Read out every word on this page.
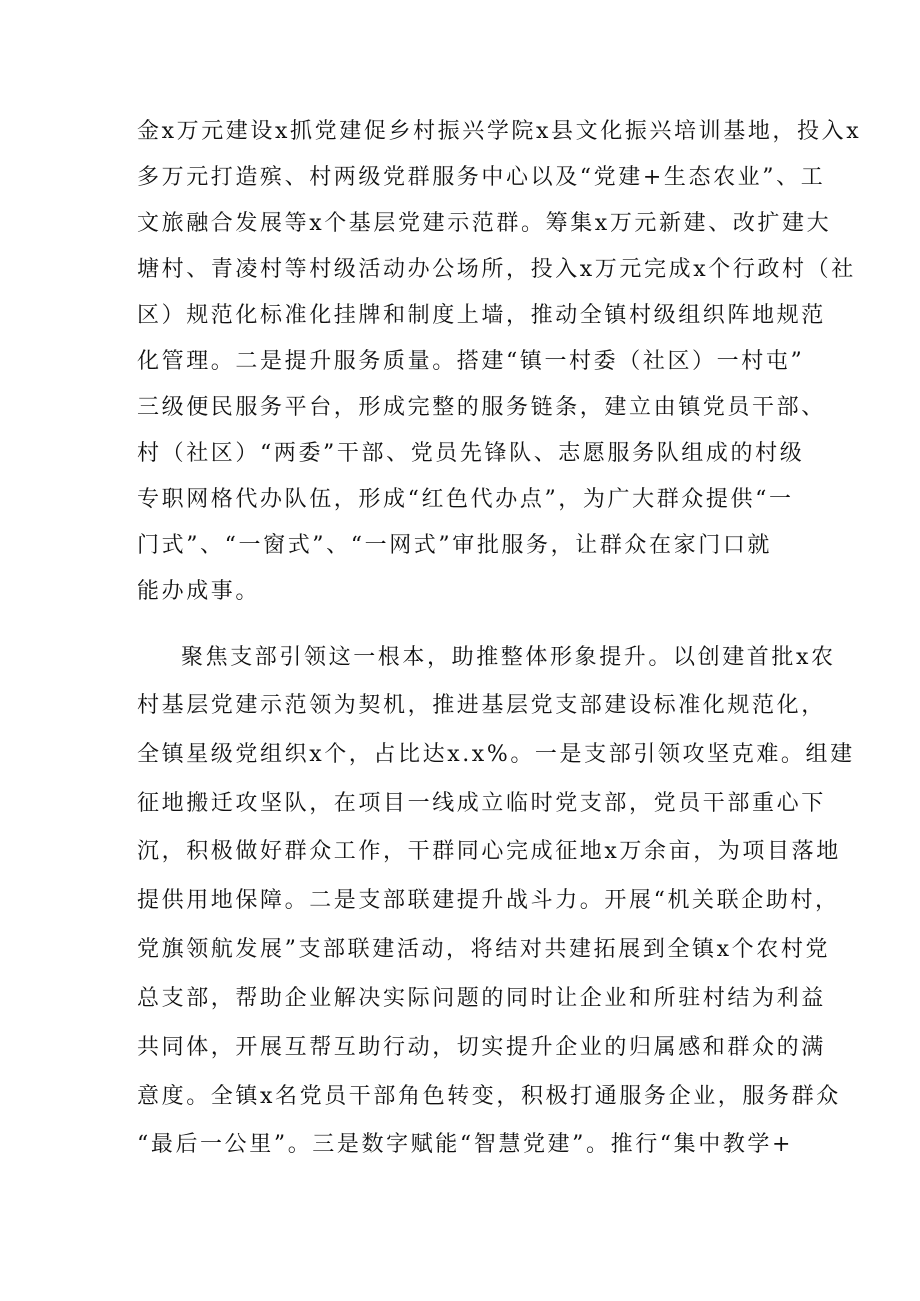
金x万元建设x抓党建促乡村振兴学院x县文化振兴培训基地，投入x
多万元打造殡、村两级党群服务中心以及“党建+生态农业”、工
文旅融合发展等x个基层党建示范群。筹集x万元新建、改扩建大
塘村、青凌村等村级活动办公场所，投入x万元完成x个行政村（社
区）规范化标准化挂牌和制度上墙，推动全镇村级组织阵地规范
化管理。二是提升服务质量。搭建“镇一村委（社区）一村屯”
三级便民服务平台，形成完整的服务链条，建立由镇党员干部、
村（社区）“两委”干部、党员先锋队、志愿服务队组成的村级
专职网格代办队伍，形成“红色代办点”，为广大群众提供“一
门式”、“一窗式”、“一网式”审批服务，让群众在家门口就
能办成事。
聚焦支部引领这一根本，助推整体形象提升。以创建首批x农
村基层党建示范领为契机，推进基层党支部建设标准化规范化，
全镇星级党组织x个，占比达x.x%。一是支部引领攻坚克难。组建
征地搬迁攻坚队，在项目一线成立临时党支部，党员干部重心下
沉，积极做好群众工作，干群同心完成征地x万余亩，为项目落地
提供用地保障。二是支部联建提升战斗力。开展“机关联企助村，
党旗领航发展”支部联建活动，将结对共建拓展到全镇x个农村党
总支部，帮助企业解决实际问题的同时让企业和所驻村结为利益
共同体，开展互帮互助行动，切实提升企业的归属感和群众的满
意度。全镇x名党员干部角色转变，积极打通服务企业，服务群众
“最后一公里”。三是数字赋能“智慧党建”。推行“集中教学+
